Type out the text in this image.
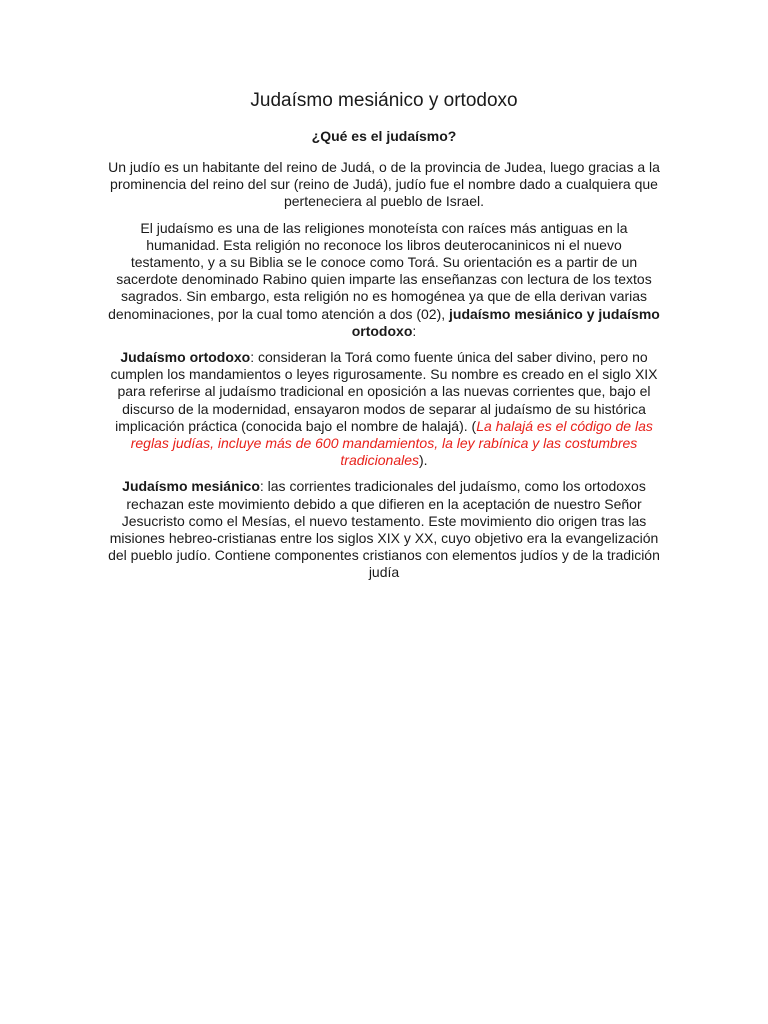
Judaísmo mesiánico y ortodoxo
¿Qué es el judaísmo?

Un judío es un habitante del reino de Judá, o de la provincia de Judea, luego gracias a la prominencia del reino del sur (reino de Judá), judío fue el nombre dado a cualquiera que perteneciera al pueblo de Israel.

El judaísmo es una de las religiones monoteísta con raíces más antiguas en la humanidad. Esta religión no reconoce los libros deuterocaninicos ni el nuevo testamento, y a su Biblia se le conoce como Torá. Su orientación es a partir de un sacerdote denominado Rabino quien imparte las enseñanzas con lectura de los textos sagrados. Sin embargo, esta religión no es homogénea ya que de ella derivan varias denominaciones, por la cual tomo atención a dos (02), judaísmo mesiánico y judaísmo ortodoxo:

Judaísmo ortodoxo: consideran la Torá como fuente única del saber divino, pero no cumplen los mandamientos o leyes rigurosamente. Su nombre es creado en el siglo XIX para referirse al judaísmo tradicional en oposición a las nuevas corrientes que, bajo el discurso de la modernidad, ensayaron modos de separar al judaísmo de su histórica implicación práctica (conocida bajo el nombre de halajá). (La halajá es el código de las reglas judías, incluye más de 600 mandamientos, la ley rabínica y las costumbres tradicionales).

Judaísmo mesiánico: las corrientes tradicionales del judaísmo, como los ortodoxos rechazan este movimiento debido a que difieren en la aceptación de nuestro Señor Jesucristo como el Mesías, el nuevo testamento. Este movimiento dio origen tras las misiones hebreo-cristianas entre los siglos XIX y XX, cuyo objetivo era la evangelización del pueblo judío. Contiene componentes cristianos con elementos judíos y de la tradición judía
